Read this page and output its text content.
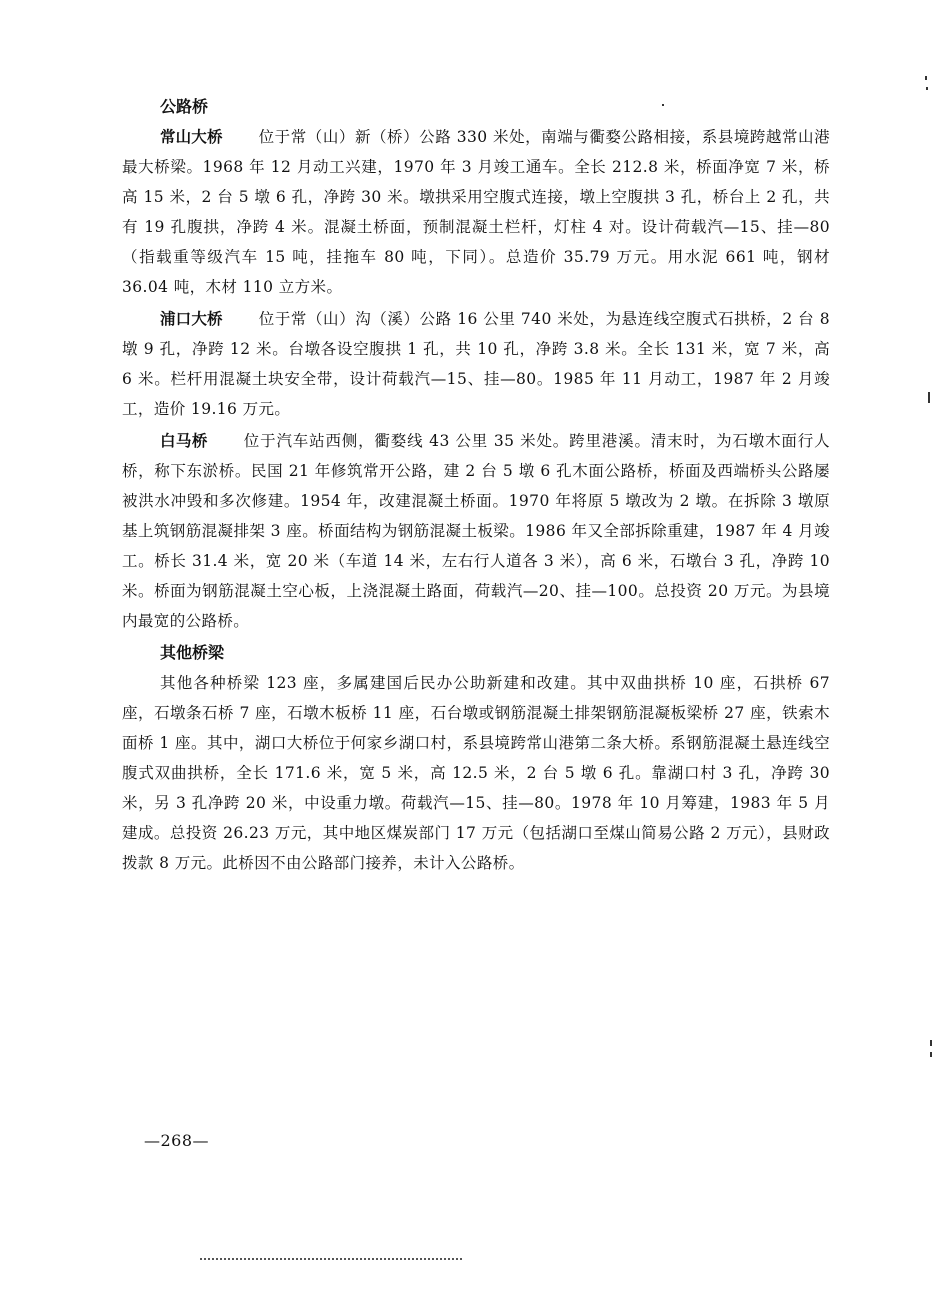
公路桥

常山大桥 位于常（山）新（桥）公路 330 米处，南端与衢婺公路相接，系县境跨越常山港最大桥梁。1968 年 12 月动工兴建，1970 年 3 月竣工通车。全长 212.8 米，桥面净宽 7 米，桥高 15 米，2 台 5 墩 6 孔，净跨 30 米。墩拱采用空腹式连接，墩上空腹拱 3 孔，桥台上 2 孔，共有 19 孔腹拱，净跨 4 米。混凝土桥面，预制混凝土栏杆，灯柱 4 对。设计荷载汽—15、挂—80（指载重等级汽车 15 吨，挂拖车 80 吨，下同）。总造价 35.79 万元。用水泥 661 吨，钢材 36.04 吨，木材 110 立方米。

浦口大桥 位于常（山）沟（溪）公路 16 公里 740 米处，为悬连线空腹式石拱桥，2 台 8 墩 9 孔，净跨 12 米。台墩各设空腹拱 1 孔，共 10 孔，净跨 3.8 米。全长 131 米，宽 7 米，高 6 米。栏杆用混凝土块安全带，设计荷载汽—15、挂—80。1985 年 11 月动工，1987 年 2 月竣工，造价 19.16 万元。

白马桥 位于汽车站西侧，衢婺线 43 公里 35 米处。跨里港溪。清末时，为石墩木面行人桥，称下东淤桥。民国 21 年修筑常开公路，建 2 台 5 墩 6 孔木面公路桥，桥面及西端桥头公路屡被洪水冲毁和多次修建。1954 年，改建混凝土桥面。1970 年将原 5 墩改为 2 墩。在拆除 3 墩原基上筑钢筋混凝排架 3 座。桥面结构为钢筋混凝土板梁。1986 年又全部拆除重建，1987 年 4 月竣工。桥长 31.4 米，宽 20 米（车道 14 米，左右行人道各 3 米），高 6 米，石墩台 3 孔，净跨 10 米。桥面为钢筋混凝土空心板，上浇混凝土路面，荷载汽—20、挂—100。总投资 20 万元。为县境内最宽的公路桥。

其他桥梁

其他各种桥梁 123 座，多属建国后民办公助新建和改建。其中双曲拱桥 10 座，石拱桥 67 座，石墩条石桥 7 座，石墩木板桥 11 座，石台墩或钢筋混凝土排架钢筋混凝板梁桥 27 座，铁索木面桥 1 座。其中，湖口大桥位于何家乡湖口村，系县境跨常山港第二条大桥。系钢筋混凝土悬连线空腹式双曲拱桥，全长 171.6 米，宽 5 米，高 12.5 米，2 台 5 墩 6 孔。靠湖口村 3 孔，净跨 30 米，另 3 孔净跨 20 米，中设重力墩。荷载汽—15、挂—80。1978 年 10 月筹建，1983 年 5 月建成。总投资 26.23 万元，其中地区煤炭部门 17 万元（包括湖口至煤山简易公路 2 万元），县财政拨款 8 万元。此桥因不由公路部门接养，未计入公路桥。

—268—
